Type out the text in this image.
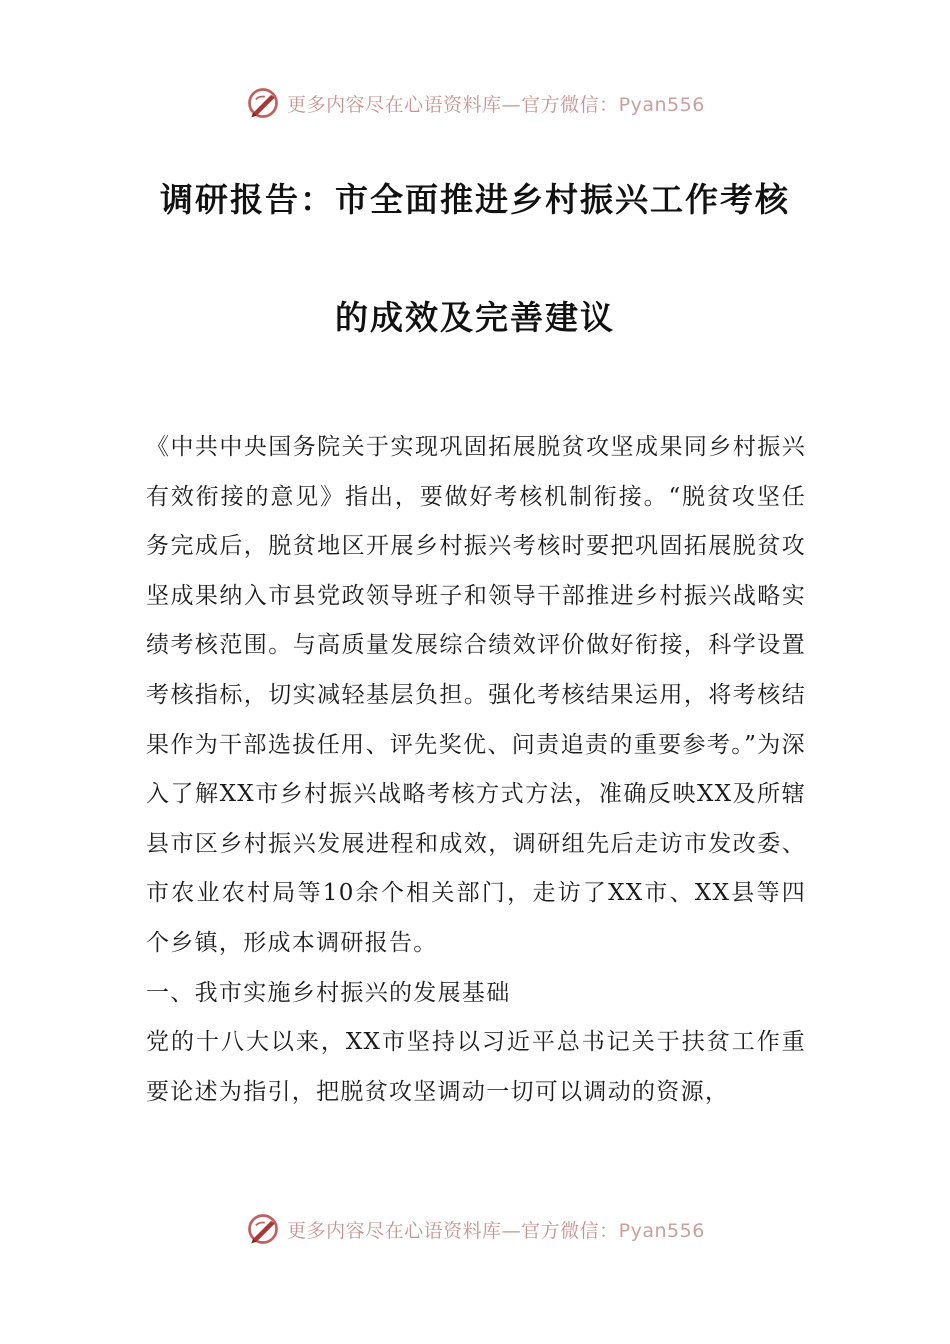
更多内容尽在心语资料库—官方微信：Pyan556
调研报告：市全面推进乡村振兴工作考核
的成效及完善建议

《中共中央国务院关于实现巩固拓展脱贫攻坚成果同乡村振兴有效衔接的意见》指出，要做好考核机制衔接。“脱贫攻坚任务完成后，脱贫地区开展乡村振兴考核时要把巩固拓展脱贫攻坚成果纳入市县党政领导班子和领导干部推进乡村振兴战略实绩考核范围。与高质量发展综合绩效评价做好衔接，科学设置考核指标，切实减轻基层负担。强化考核结果运用，将考核结果作为干部选拔任用、评先奖优、问责追责的重要参考。”为深入了解XX市乡村振兴战略考核方式方法，准确反映XX及所辖县市区乡村振兴发展进程和成效，调研组先后走访市发改委、市农业农村局等10余个相关部门，走访了XX市、XX县等四个乡镇，形成本调研报告。

一、我市实施乡村振兴的发展基础

党的十八大以来，XX市坚持以习近平总书记关于扶贫工作重要论述为指引，把脱贫攻坚调动一切可以调动的资源，

更多内容尽在心语资料库—官方微信：Pyan556
